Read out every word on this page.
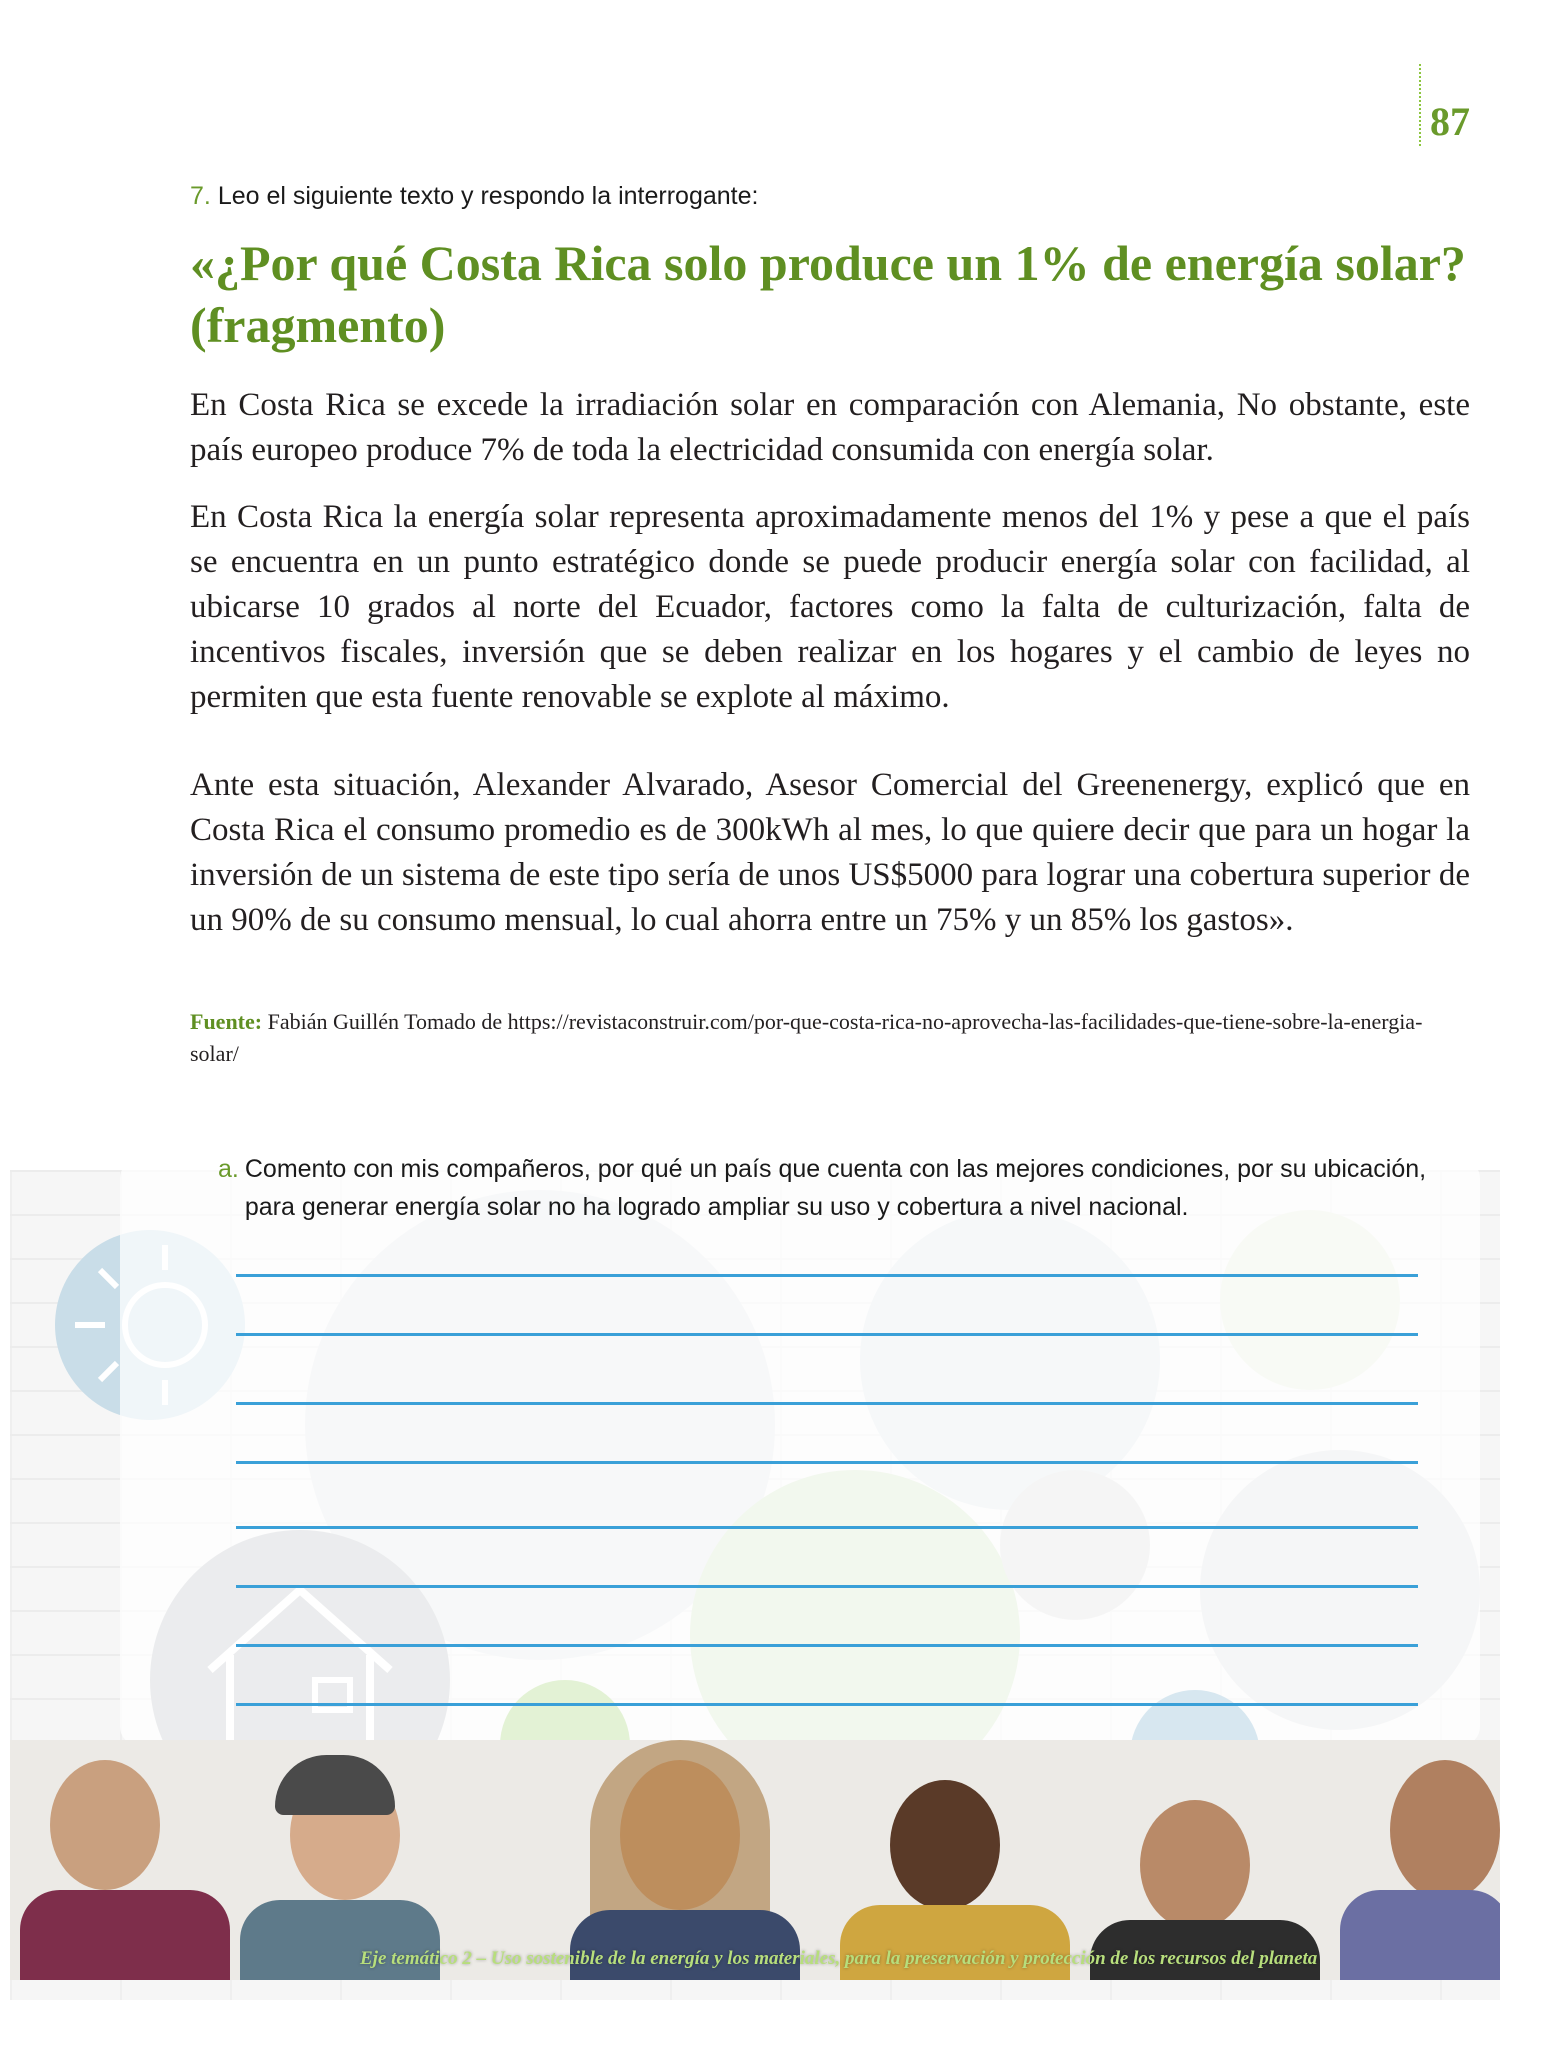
87
7. Leo el siguiente texto y respondo la interrogante:
«¿Por qué Costa Rica solo produce un 1% de energía solar? (fragmento)
En Costa Rica se excede la irradiación solar en comparación con Alemania, No obstante, este país europeo produce 7% de toda la electricidad consumida con energía solar.
En Costa Rica la energía solar representa aproximadamente menos del 1% y pese a que el país se encuentra en un punto estratégico donde se puede producir energía solar con facilidad, al ubicarse 10 grados al norte del Ecuador, factores como la falta de culturización, falta de incentivos fiscales, inversión que se deben realizar en los hogares y el cambio de leyes no permiten que esta fuente renovable se explote al máximo.
Ante esta situación, Alexander Alvarado, Asesor Comercial del Greenenergy, explicó que en Costa Rica el consumo promedio es de 300kWh al mes, lo que quiere decir que para un hogar la inversión de un sistema de este tipo sería de unos US$5000 para lograr una cobertura superior de un 90% de su consumo mensual, lo cual ahorra entre un 75% y un 85% los gastos».
Fuente: Fabián Guillén Tomado de https://revistaconstruir.com/por-que-costa-rica-no-aprovecha-las-facilidades-que-tiene-sobre-la-energia-solar/
a. Comento con mis compañeros, por qué un país que cuenta con las mejores condiciones, por su ubicación, para generar energía solar no ha logrado ampliar su uso y cobertura a nivel nacional.
Eje temático 2 – Uso sostenible de la energía y los materiales, para la preservación y protección de los recursos del planeta
